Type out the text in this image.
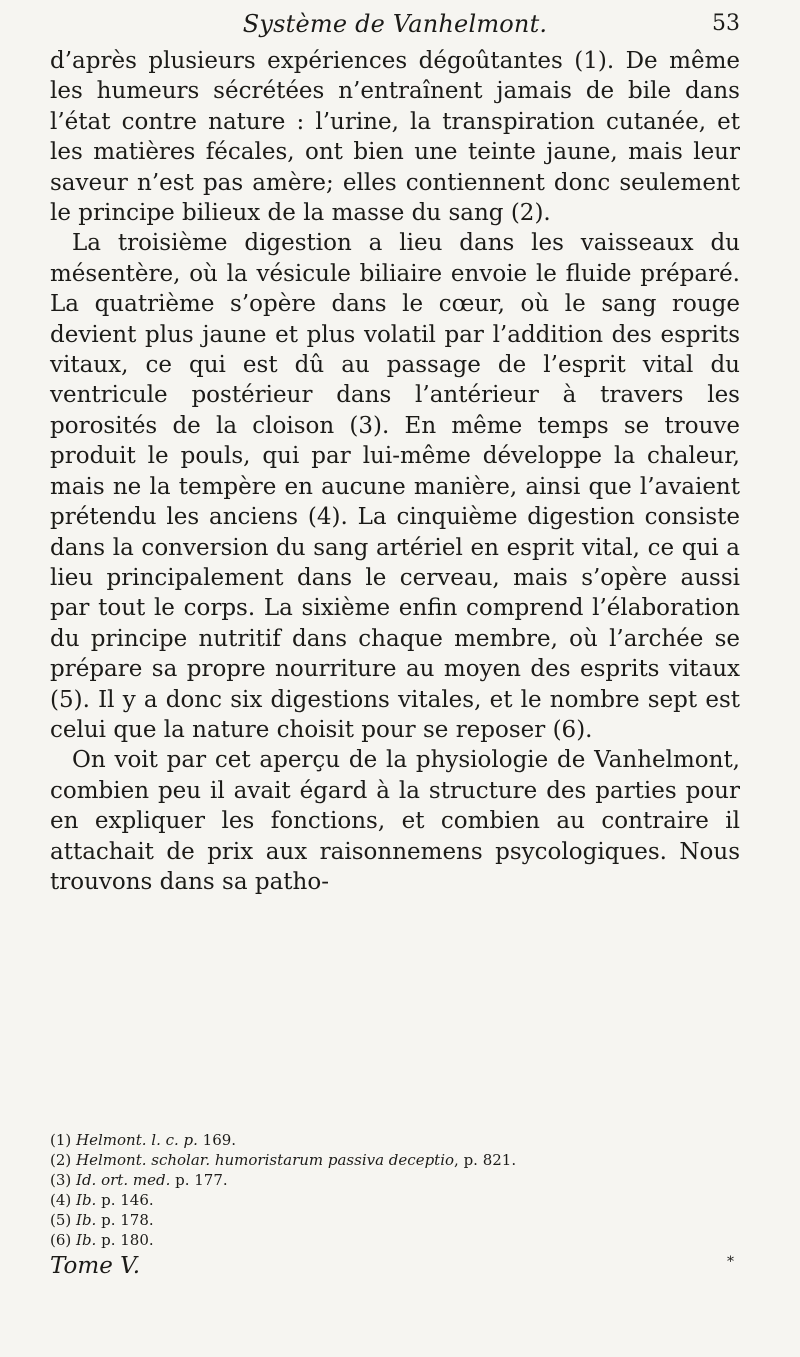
Système de Vanhelmont.	53

d’après plusieurs expériences dégoûtantes (1). De même les humeurs sécrétées n’entraînent jamais de bile dans l’état contre nature : l’urine, la transpiration cutanée, et les matières fécales, ont bien une teinte jaune, mais leur saveur n’est pas amère; elles contiennent donc seulement le principe bilieux de la masse du sang (2).

La troisième digestion a lieu dans les vaisseaux du mésentère, où la vésicule biliaire envoie le fluide préparé. La quatrième s’opère dans le cœur, où le sang rouge devient plus jaune et plus volatil par l’addition des esprits vitaux, ce qui est dû au passage de l’esprit vital du ventricule postérieur dans l’antérieur à travers les porosités de la cloison (3). En même temps se trouve produit le pouls, qui par lui-même développe la chaleur, mais ne la tempère en aucune manière, ainsi que l’avaient prétendu les anciens (4). La cinquième digestion consiste dans la conversion du sang artériel en esprit vital, ce qui a lieu principalement dans le cerveau, mais s’opère aussi par tout le corps. La sixième enfin comprend l’élaboration du principe nutritif dans chaque membre, où l’archée se prépare sa propre nourriture au moyen des esprits vitaux (5). Il y a donc six digestions vitales, et le nombre sept est celui que la nature choisit pour se reposer (6).

On voit par cet aperçu de la physiologie de Vanhelmont, combien peu il avait égard à la structure des parties pour en expliquer les fonctions, et combien au contraire il attachait de prix aux raisonnemens psycologiques. Nous trouvons dans sa patho-

(1) Helmont. l. c. p. 169.
(2) Helmont. scholar. humoristarum passiva deceptio, p. 821.
(3) Id. ort. med. p. 177.
(4) Ib. p. 146.
(5) Ib. p. 178.
(6) Ib. p. 180.
Tome V.	*
